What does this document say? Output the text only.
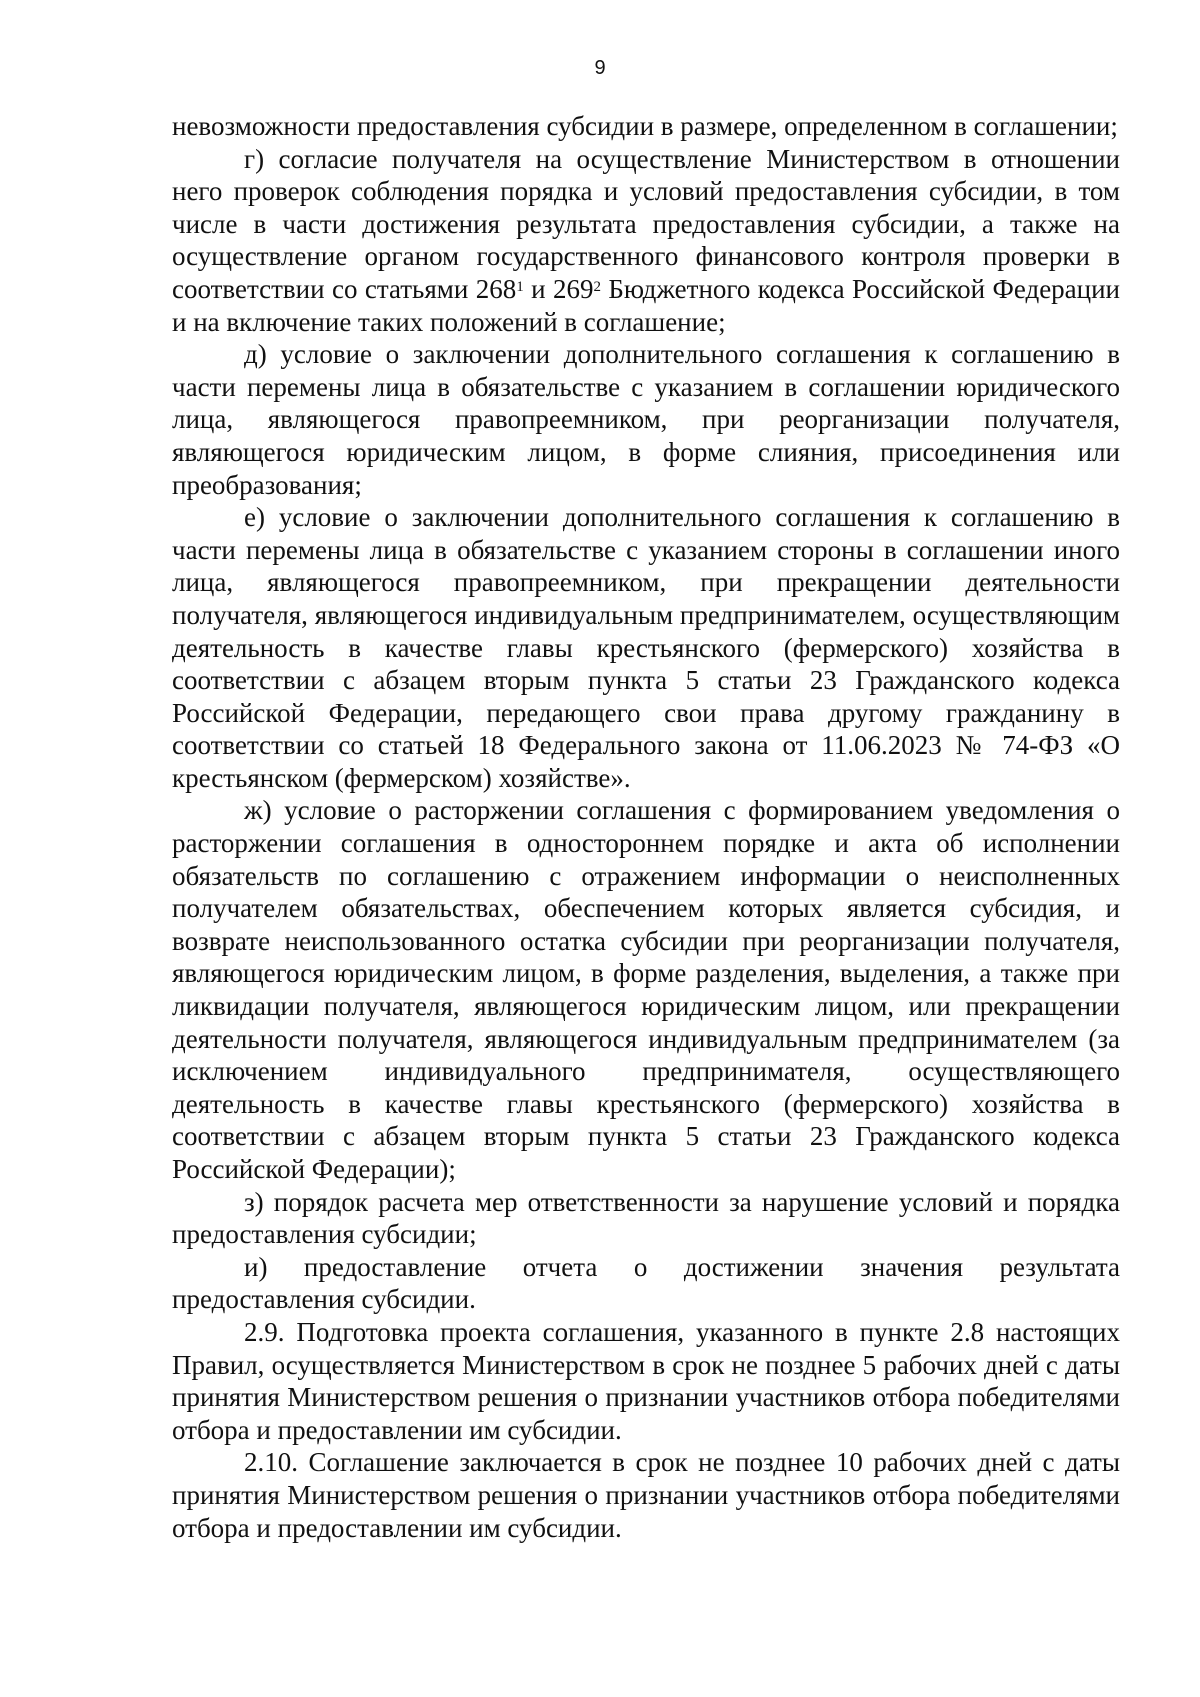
9

невозможности предоставления субсидии в размере, определенном в соглашении;

г) согласие получателя на осуществление Министерством в отношении него проверок соблюдения порядка и условий предоставления субсидии, в том числе в части достижения результата предоставления субсидии, а также на осуществление органом государственного финансового контроля проверки в соответствии со статьями $268^1$ и $269^2$ Бюджетного кодекса Российской Федерации и на включение таких положений в соглашение;

д) условие о заключении дополнительного соглашения к соглашению в части перемены лица в обязательстве с указанием в соглашении юридического лица, являющегося правопреемником, при реорганизации получателя, являющегося юридическим лицом, в форме слияния, присоединения или преобразования;

е) условие о заключении дополнительного соглашения к соглашению в части перемены лица в обязательстве с указанием стороны в соглашении иного лица, являющегося правопреемником, при прекращении деятельности получателя, являющегося индивидуальным предпринимателем, осуществляющим деятельность в качестве главы крестьянского (фермерского) хозяйства в соответствии с абзацем вторым пункта 5 статьи 23 Гражданского кодекса Российской Федерации, передающего свои права другому гражданину в соответствии со статьей 18 Федерального закона от 11.06.2023 № 74-ФЗ «О крестьянском (фермерском) хозяйстве».

ж) условие о расторжении соглашения с формированием уведомления о расторжении соглашения в одностороннем порядке и акта об исполнении обязательств по соглашению с отражением информации о неисполненных получателем обязательствах, обеспечением которых является субсидия, и возврате неиспользованного остатка субсидии при реорганизации получателя, являющегося юридическим лицом, в форме разделения, выделения, а также при ликвидации получателя, являющегося юридическим лицом, или прекращении деятельности получателя, являющегося индивидуальным предпринимателем (за исключением индивидуального предпринимателя, осуществляющего деятельность в качестве главы крестьянского (фермерского) хозяйства в соответствии с абзацем вторым пункта 5 статьи 23 Гражданского кодекса Российской Федерации);

з) порядок расчета мер ответственности за нарушение условий и порядка предоставления субсидии;

и) предоставление отчета о достижении значения результата предоставления субсидии.

2.9. Подготовка проекта соглашения, указанного в пункте 2.8 настоящих Правил, осуществляется Министерством в срок не позднее 5 рабочих дней с даты принятия Министерством решения о признании участников отбора победителями отбора и предоставлении им субсидии.

2.10. Соглашение заключается в срок не позднее 10 рабочих дней с даты принятия Министерством решения о признании участников отбора победителями отбора и предоставлении им субсидии.
